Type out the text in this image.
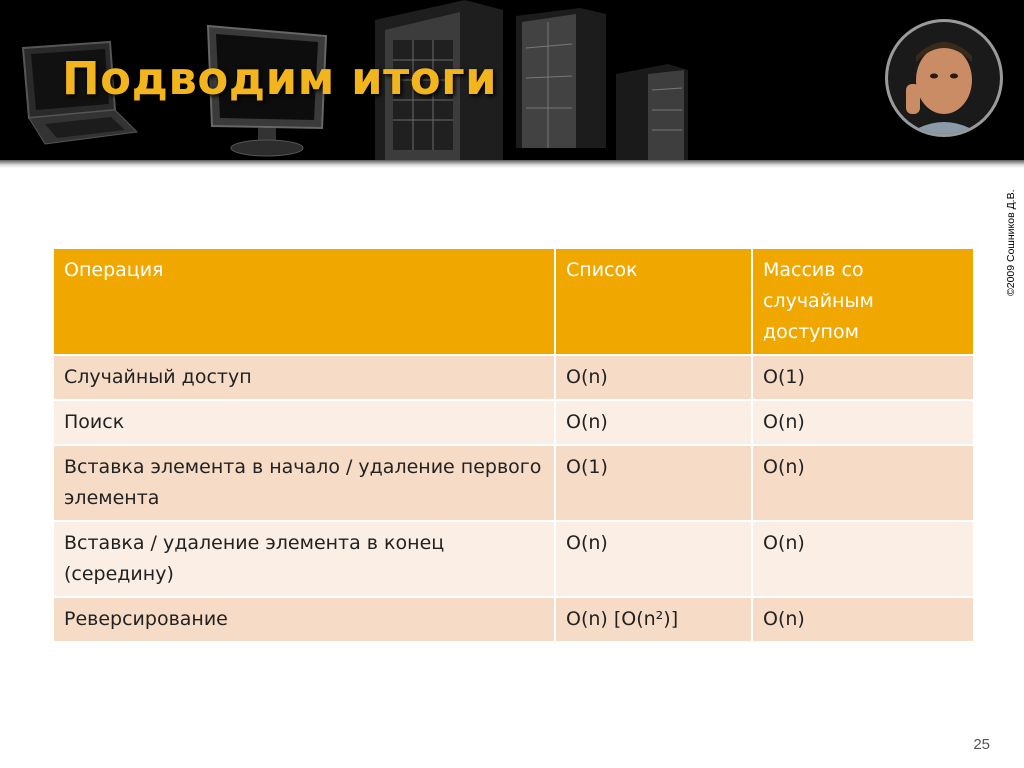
Подводим итоги
©2009 Сошников Д.В.
Операция	Список	Массив со случайным доступом
Случайный доступ	O(n)	O(1)
Поиск	O(n)	O(n)
Вставка элемента в начало / удаление первого элемента	O(1)	O(n)
Вставка / удаление элемента в конец (середину)	O(n)	O(n)
Реверсирование	O(n) [O(n²)]	O(n)
25
